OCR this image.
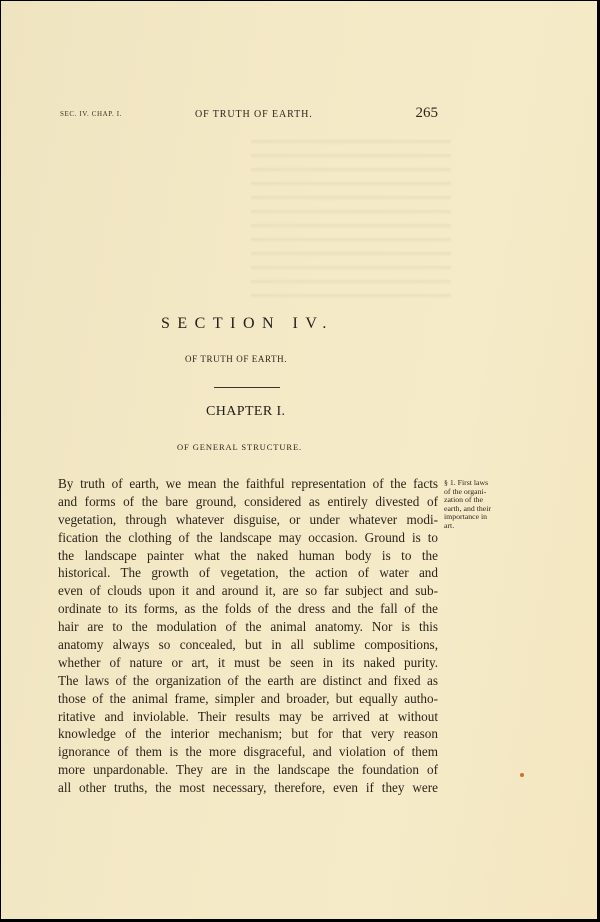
SEC. IV. CHAP. I.	OF TRUTH OF EARTH.	265
SECTION IV.
OF TRUTH OF EARTH.
CHAPTER I.
OF GENERAL STRUCTURE.
By truth of earth, we mean the faithful representation of the facts
and forms of the bare ground, considered as entirely divested of
vegetation, through whatever disguise, or under whatever modi-
fication the clothing of the landscape may occasion. Ground is to
the landscape painter what the naked human body is to the
historical. The growth of vegetation, the action of water and
even of clouds upon it and around it, are so far subject and sub-
ordinate to its forms, as the folds of the dress and the fall of the
hair are to the modulation of the animal anatomy. Nor is this
anatomy always so concealed, but in all sublime compositions,
whether of nature or art, it must be seen in its naked purity.
The laws of the organization of the earth are distinct and fixed as
those of the animal frame, simpler and broader, but equally autho-
ritative and inviolable. Their results may be arrived at without
knowledge of the interior mechanism; but for that very reason
ignorance of them is the more disgraceful, and violation of them
more unpardonable. They are in the landscape the foundation of
all other truths, the most necessary, therefore, even if they were
§ 1. First laws
of the organi-
zation of the
earth, and their
importance in
art.
